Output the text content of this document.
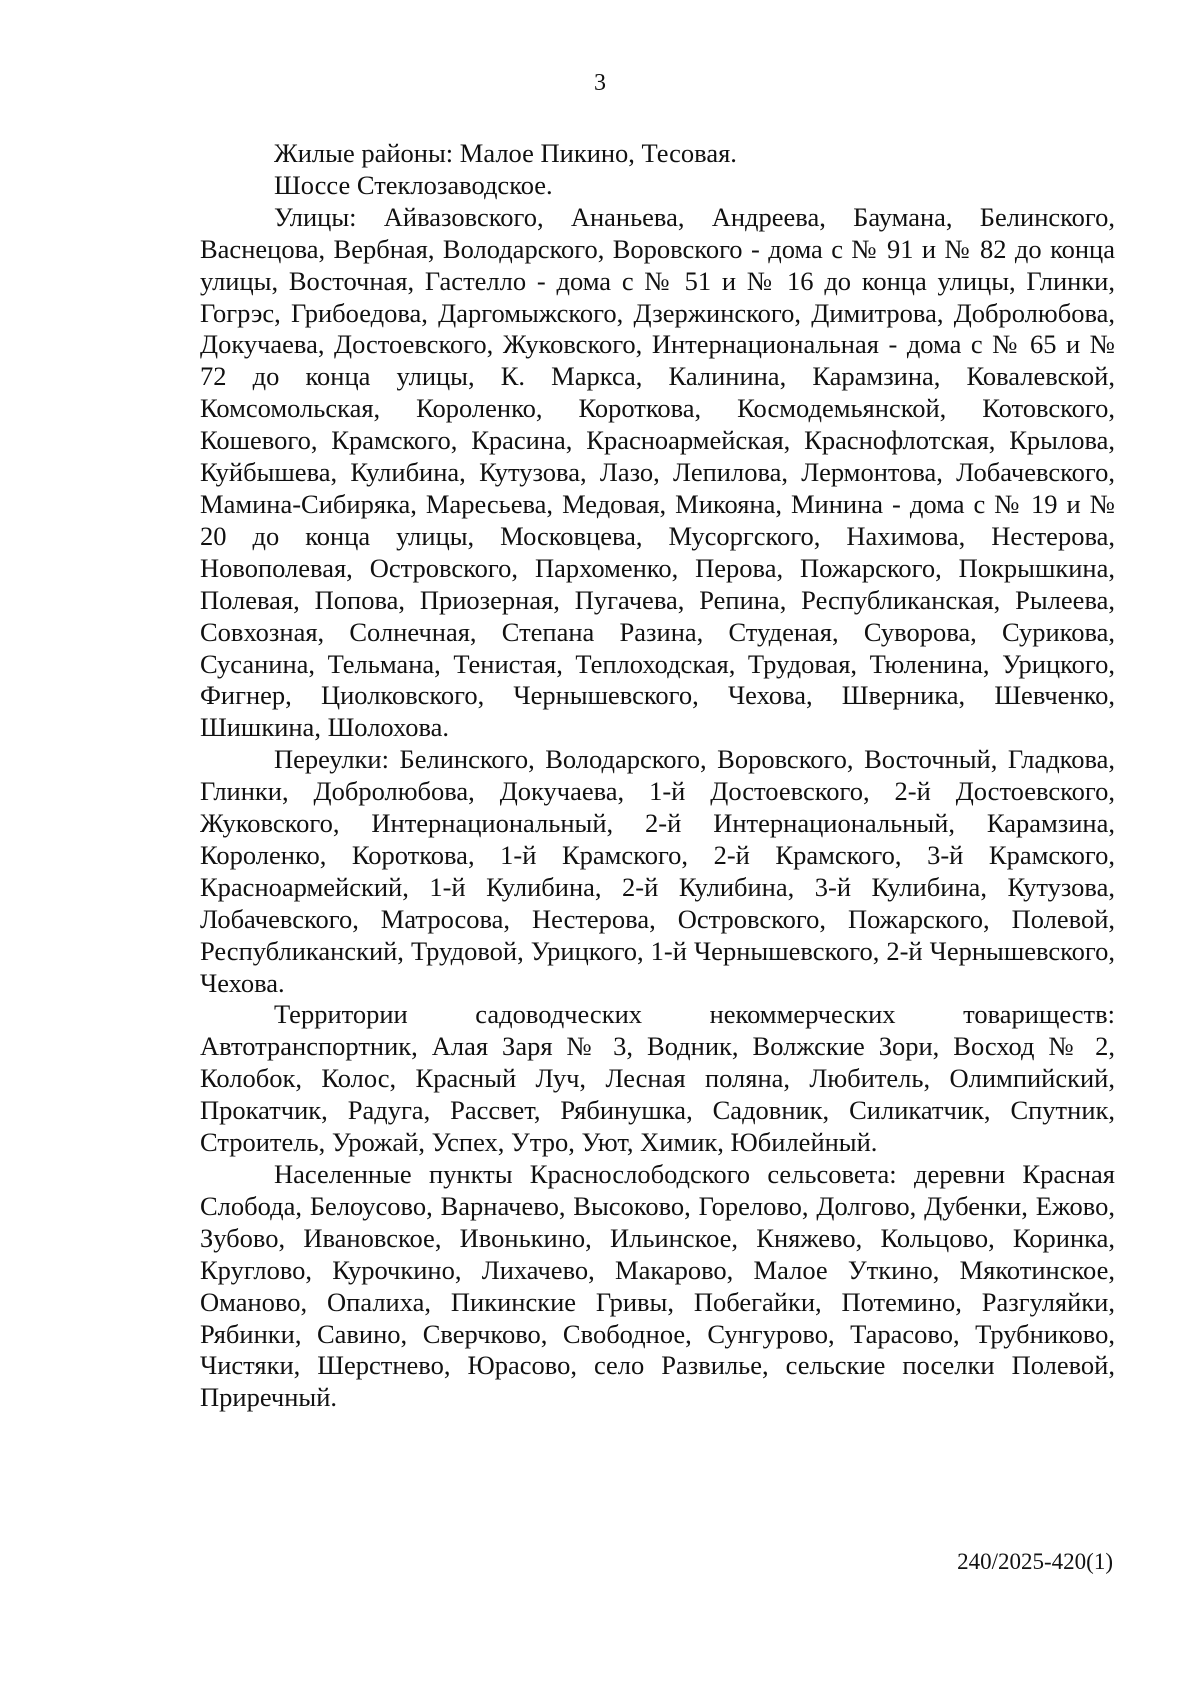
3

Жилые районы: Малое Пикино, Тесовая.

Шоссе Стеклозаводское.

Улицы: Айвазовского, Ананьева, Андреева, Баумана, Белинского, Васнецова, Вербная, Володарского, Воровского - дома с № 91 и № 82 до конца улицы, Восточная, Гастелло - дома с № 51 и № 16 до конца улицы, Глинки, Гогрэс, Грибоедова, Даргомыжского, Дзержинского, Димитрова, Добролюбова, Докучаева, Достоевского, Жуковского, Интернациональная - дома с № 65 и № 72 до конца улицы, К. Маркса, Калинина, Карамзина, Ковалевской, Комсомольская, Короленко, Короткова, Космодемьянской, Котовского, Кошевого, Крамского, Красина, Красноармейская, Краснофлотская, Крылова, Куйбышева, Кулибина, Кутузова, Лазо, Лепилова, Лермонтова, Лобачевского, Мамина-Сибиряка, Маресьева, Медовая, Микояна, Минина - дома с № 19 и № 20 до конца улицы, Московцева, Мусоргского, Нахимова, Нестерова, Новополевая, Островского, Пархоменко, Перова, Пожарского, Покрышкина, Полевая, Попова, Приозерная, Пугачева, Репина, Республиканская, Рылеева, Совхозная, Солнечная, Степана Разина, Студеная, Суворова, Сурикова, Сусанина, Тельмана, Тенистая, Теплоходская, Трудовая, Тюленина, Урицкого, Фигнер, Циолковского, Чернышевского, Чехова, Шверника, Шевченко, Шишкина, Шолохова.

Переулки: Белинского, Володарского, Воровского, Восточный, Гладкова, Глинки, Добролюбова, Докучаева, 1-й Достоевского, 2-й Достоевского, Жуковского, Интернациональный, 2-й Интернациональный, Карамзина, Короленко, Короткова, 1-й Крамского, 2-й Крамского, 3-й Крамского, Красноармейский, 1-й Кулибина, 2-й Кулибина, 3-й Кулибина, Кутузова, Лобачевского, Матросова, Нестерова, Островского, Пожарского, Полевой, Республиканский, Трудовой, Урицкого, 1-й Чернышевского, 2-й Чернышевского, Чехова.

Территории садоводческих некоммерческих товариществ: Автотранспортник, Алая Заря № 3, Водник, Волжские Зори, Восход № 2, Колобок, Колос, Красный Луч, Лесная поляна, Любитель, Олимпийский, Прокатчик, Радуга, Рассвет, Рябинушка, Садовник, Силикатчик, Спутник, Строитель, Урожай, Успех, Утро, Уют, Химик, Юбилейный.

Населенные пункты Краснослободского сельсовета: деревни Красная Слобода, Белоусово, Варначево, Высоково, Горелово, Долгово, Дубенки, Ежово, Зубово, Ивановское, Ивонькино, Ильинское, Княжево, Кольцово, Коринка, Круглово, Курочкино, Лихачево, Макарово, Малое Уткино, Мякотинское, Оманово, Опалиха, Пикинские Гривы, Побегайки, Потемино, Разгуляйки, Рябинки, Савино, Сверчково, Свободное, Сунгурово, Тарасово, Трубниково, Чистяки, Шерстнево, Юрасово, село Развилье, сельские поселки Полевой, Приречный.

240/2025-420(1)
